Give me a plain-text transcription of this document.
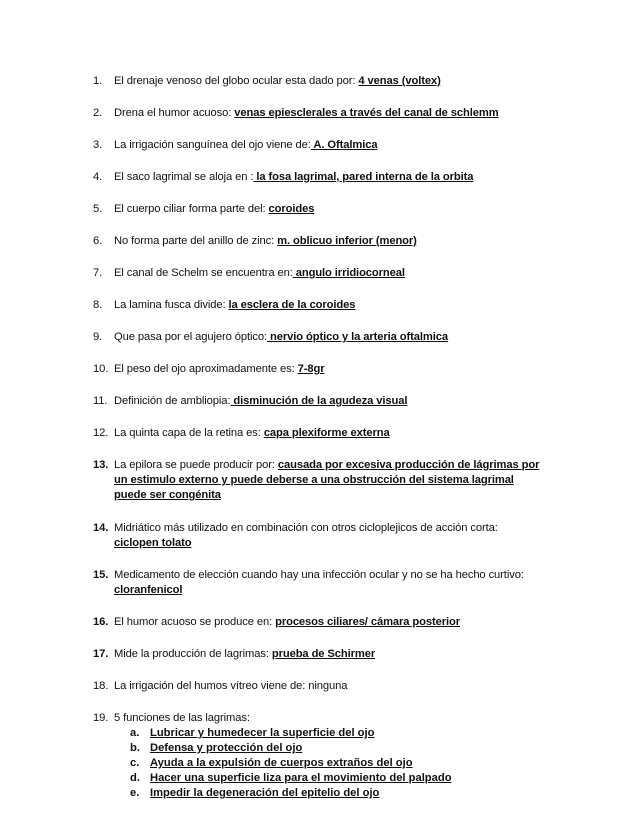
1. El drenaje venoso del globo ocular esta dado por: 4 venas (voltex)
2. Drena el humor acuoso: venas epiesclerales a través del canal de schlemm
3. La irrigación sanguínea del ojo viene de: A. Oftalmica
4. El saco lagrimal se aloja en : la fosa lagrimal, pared interna de la orbita
5. El cuerpo ciliar forma parte del: coroides
6. No forma parte del anillo de zinc: m. oblicuo inferior (menor)
7. El canal de Schelm se encuentra en: angulo irridiocorneal
8. La lamina fusca divide: la esclera de la coroides
9. Que pasa por el agujero óptico: nervio óptico y la arteria oftalmica
10. El peso del ojo aproximadamente es: 7-8gr
11. Definición de ambliopia: disminución de la agudeza visual
12. La quinta capa de la retina es: capa plexiforme externa
13. La epilora se puede producir por: causada por excesiva producción de lágrimas por
un estimulo externo y puede deberse a una obstrucción del sistema lagrimal
puede ser congénita
14. Midriático más utilizado en combinación con otros cicloplejicos de acción corta:
ciclopen tolato
15. Medicamento de elección cuando hay una infección ocular y no se ha hecho curtivo:
cloranfenicol
16. El humor acuoso se produce en: procesos ciliares/ cámara posterior
17. Mide la producción de lagrimas: prueba de Schirmer
18. La irrigación del humos vítreo viene de: ninguna
19. 5 funciones de las lagrimas:
a. Lubricar y humedecer la superficie del ojo
b. Defensa y protección del ojo
c. Ayuda a la expulsión de cuerpos extraños del ojo
d. Hacer una superficie liza para el movimiento del palpado
e. Impedir la degeneración del epitelio del ojo
